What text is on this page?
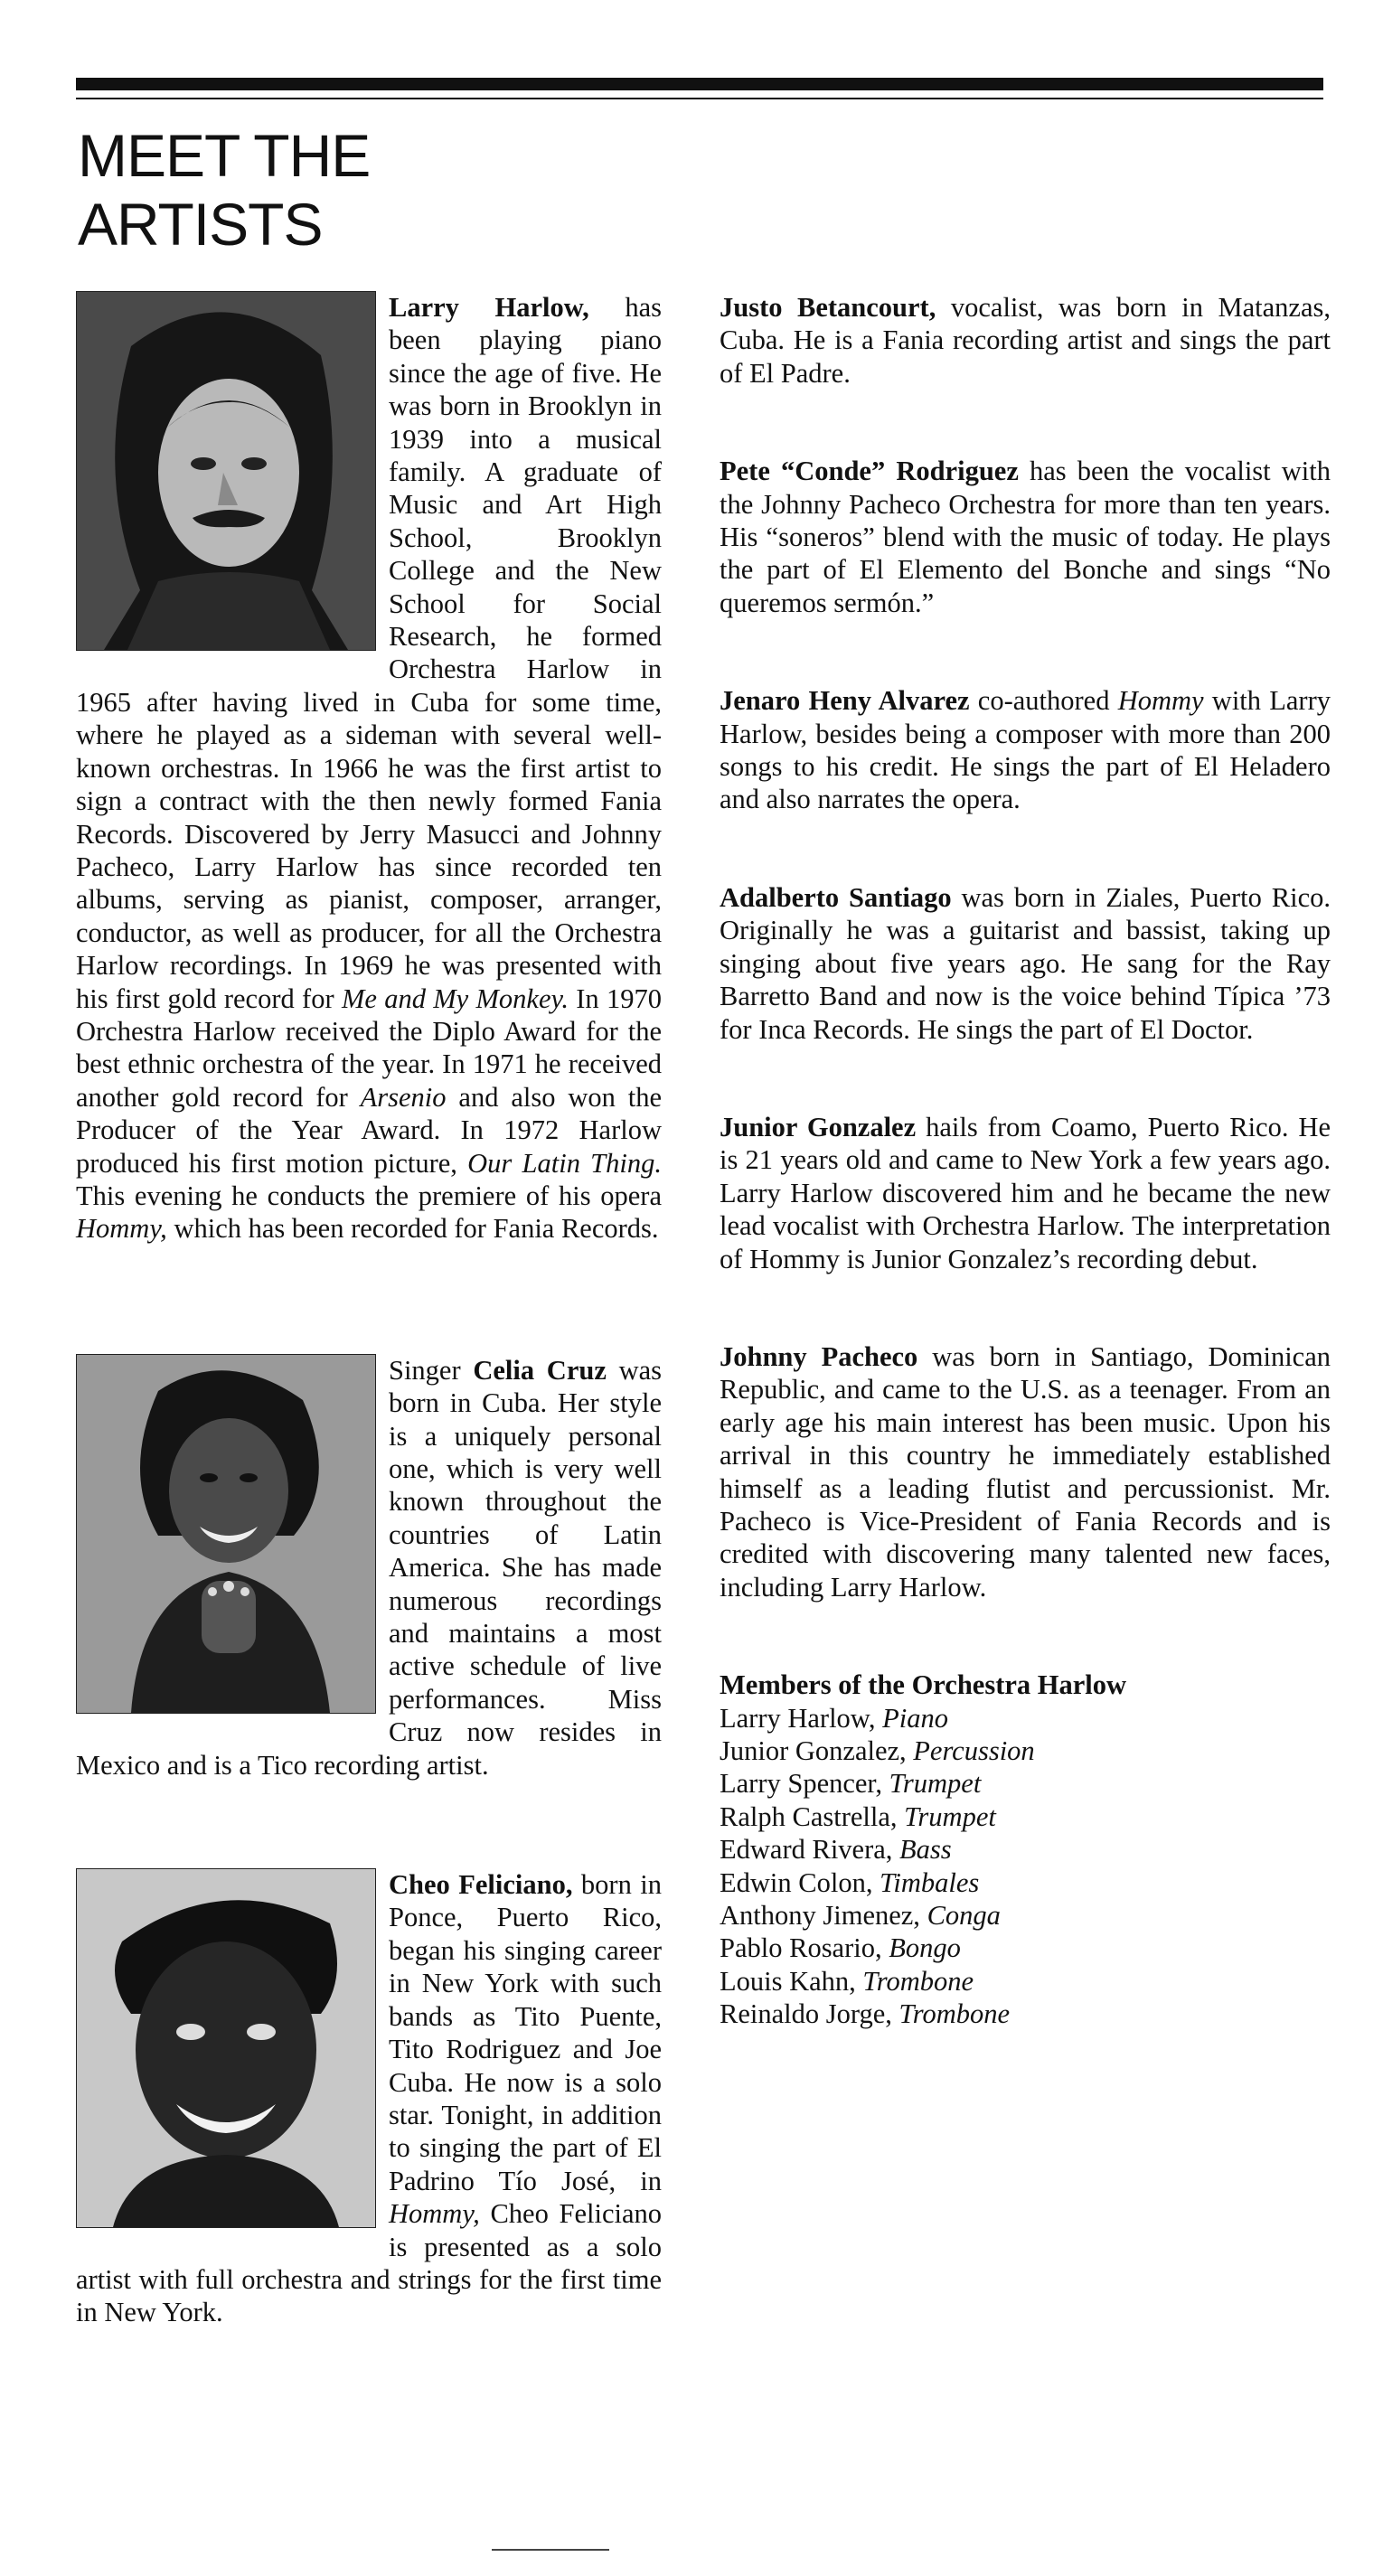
MEET THE
ARTISTS

Larry Harlow, has been playing piano since the age of five. He was born in Brooklyn in 1939 into a musical family. A graduate of Music and Art High School, Brooklyn College and the New School for Social Research, he formed Orchestra Harlow in 1965 after having lived in Cuba for some time, where he played as a sideman with several well-known orchestras. In 1966 he was the first artist to sign a contract with the then newly formed Fania Records. Discovered by Jerry Masucci and Johnny Pacheco, Larry Harlow has since recorded ten albums, serving as pianist, composer, arranger, conductor, as well as producer, for all the Orchestra Harlow recordings. In 1969 he was presented with his first gold record for Me and My Monkey. In 1970 Orchestra Harlow received the Diplo Award for the best ethnic orchestra of the year. In 1971 he received another gold record for Arsenio and also won the Producer of the Year Award. In 1972 Harlow produced his first motion picture, Our Latin Thing. This evening he conducts the premiere of his opera Hommy, which has been recorded for Fania Records.

Singer Celia Cruz was born in Cuba. Her style is a uniquely personal one, which is very well known throughout the countries of Latin America. She has made numerous recordings and maintains a most active schedule of live performances. Miss Cruz now resides in Mexico and is a Tico recording artist.

Cheo Feliciano, born in Ponce, Puerto Rico, began his singing career in New York with such bands as Tito Puente, Tito Rodriguez and Joe Cuba. He now is a solo star. Tonight, in addition to singing the part of El Padrino Tío José, in Hommy, Cheo Feliciano is presented as a solo artist with full orchestra and strings for the first time in New York.

Justo Betancourt, vocalist, was born in Matanzas, Cuba. He is a Fania recording artist and sings the part of El Padre.

Pete “Conde” Rodriguez has been the vocalist with the Johnny Pacheco Orchestra for more than ten years. His “soneros” blend with the music of today. He plays the part of El Elemento del Bonche and sings “No queremos sermón.”

Jenaro Heny Alvarez co-authored Hommy with Larry Harlow, besides being a composer with more than 200 songs to his credit. He sings the part of El Heladero and also narrates the opera.

Adalberto Santiago was born in Ziales, Puerto Rico. Originally he was a guitarist and bassist, taking up singing about five years ago. He sang for the Ray Barretto Band and now is the voice behind Típica ’73 for Inca Records. He sings the part of El Doctor.

Junior Gonzalez hails from Coamo, Puerto Rico. He is 21 years old and came to New York a few years ago. Larry Harlow discovered him and he became the new lead vocalist with Orchestra Harlow. The interpretation of Hommy is Junior Gonzalez’s recording debut.

Johnny Pacheco was born in Santiago, Dominican Republic, and came to the U.S. as a teenager. From an early age his main interest has been music. Upon his arrival in this country he immediately established himself as a leading flutist and percussionist. Mr. Pacheco is Vice-President of Fania Records and is credited with discovering many talented new faces, including Larry Harlow.

Members of the Orchestra Harlow

Larry Harlow, Piano
Junior Gonzalez, Percussion
Larry Spencer, Trumpet
Ralph Castrella, Trumpet
Edward Rivera, Bass
Edwin Colon, Timbales
Anthony Jimenez, Conga
Pablo Rosario, Bongo
Louis Kahn, Trombone
Reinaldo Jorge, Trombone
